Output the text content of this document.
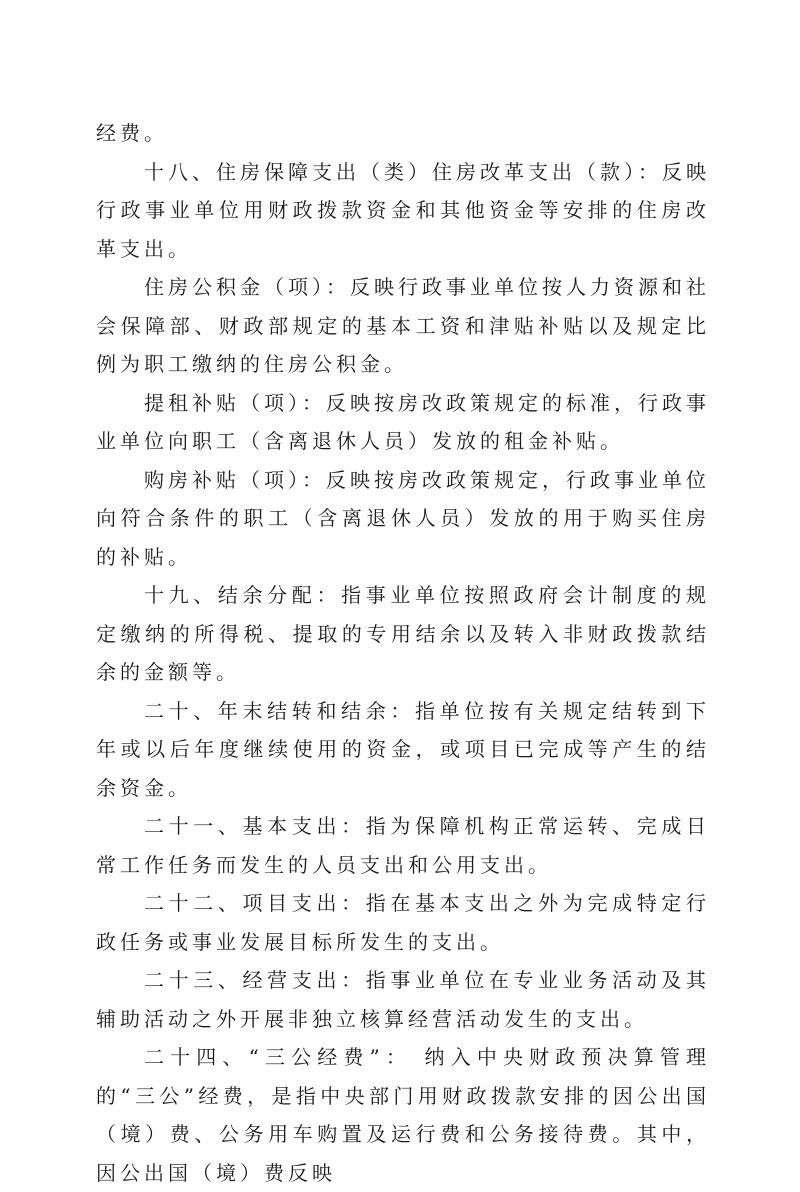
经费。

十八、住房保障支出（类）住房改革支出（款）：反映行政事业单位用财政拨款资金和其他资金等安排的住房改革支出。

住房公积金（项）：反映行政事业单位按人力资源和社会保障部、财政部规定的基本工资和津贴补贴以及规定比例为职工缴纳的住房公积金。

提租补贴（项）：反映按房改政策规定的标准，行政事业单位向职工（含离退休人员）发放的租金补贴。

购房补贴（项）：反映按房改政策规定，行政事业单位向符合条件的职工（含离退休人员）发放的用于购买住房的补贴。

十九、结余分配：指事业单位按照政府会计制度的规定缴纳的所得税、提取的专用结余以及转入非财政拨款结余的金额等。

二十、年末结转和结余：指单位按有关规定结转到下年或以后年度继续使用的资金，或项目已完成等产生的结余资金。

二十一、基本支出：指为保障机构正常运转、完成日常工作任务而发生的人员支出和公用支出。

二十二、项目支出：指在基本支出之外为完成特定行政任务或事业发展目标所发生的支出。

二十三、经营支出：指事业单位在专业业务活动及其辅助活动之外开展非独立核算经营活动发生的支出。

二十四、“三公经费”： 纳入中央财政预决算管理的“三公”经费，是指中央部门用财政拨款安排的因公出国（境）费、公务用车购置及运行费和公务接待费。其中，因公出国（境）费反映
